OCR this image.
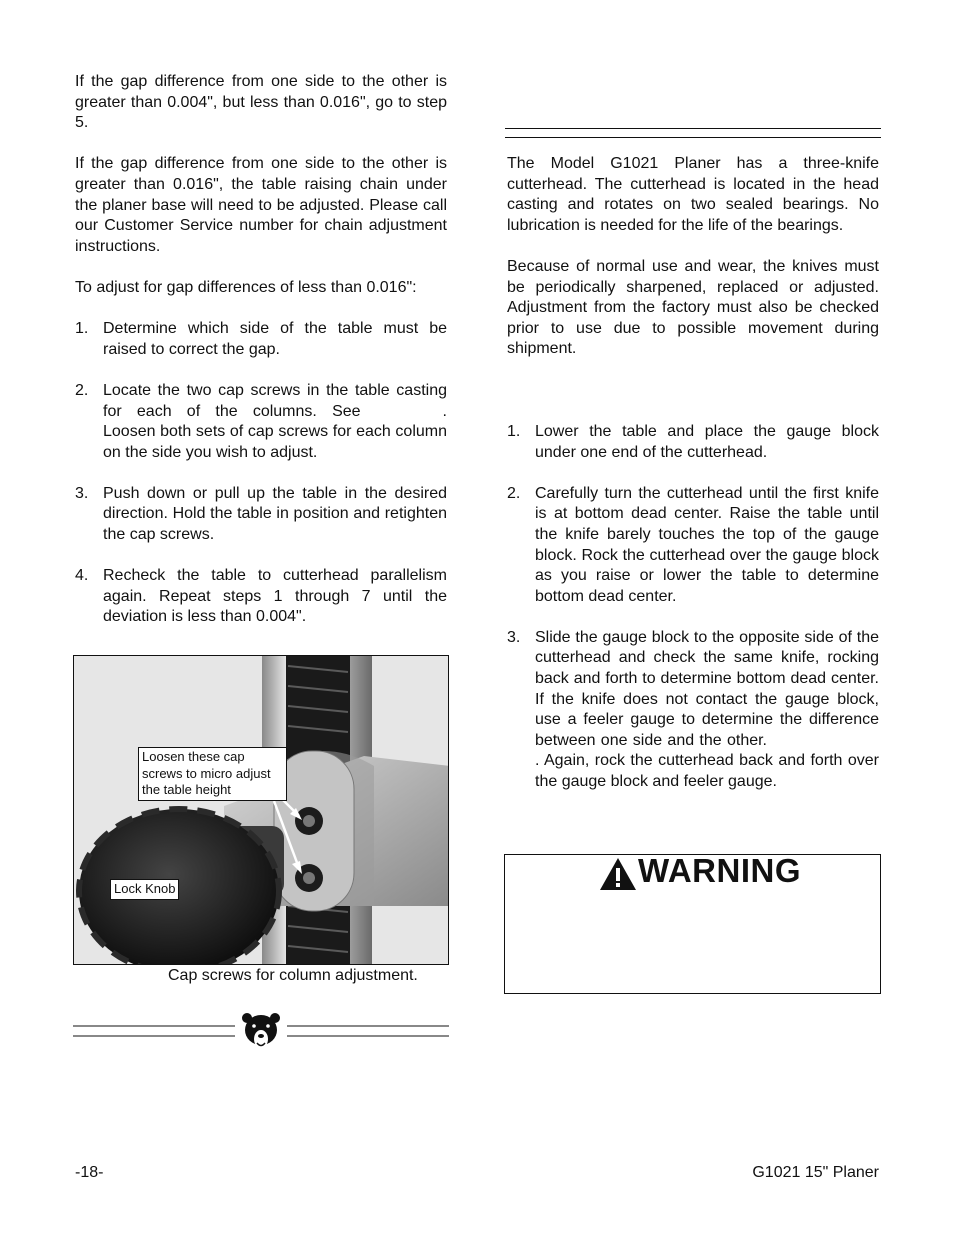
If the gap difference from one side to the other is greater than 0.004", but less than 0.016", go to step 5.

If the gap difference from one side to the other is greater than 0.016", the table raising chain under the planer base will need to be adjusted. Please call our Customer Service number for chain adjustment instructions.

To adjust for gap differences of less than 0.016":

1. Determine which side of the table must be raised to correct the gap.
2. Locate the two cap screws in the table casting for each of the columns. See	. Loosen both sets of cap screws for each column on the side you wish to adjust.
3. Push down or pull up the table in the desired direction. Hold the table in position and retighten the cap screws.
4. Recheck the table to cutterhead parallelism again. Repeat steps 1 through 7 until the deviation is less than 0.004".
Loosen these cap
screws to micro adjust
the table height
Lock Knob
Cap screws for column adjustment.

The Model G1021 Planer has a three-knife cutterhead. The cutterhead is located in the head casting and rotates on two sealed bearings. No lubrication is needed for the life of the bearings.

Because of normal use and wear, the knives must be periodically sharpened, replaced or adjusted. Adjustment from the factory must also be checked prior to use due to possible movement during shipment.

1. Lower the table and place the gauge block under one end of the cutterhead.
2. Carefully turn the cutterhead until the first knife is at bottom dead center. Raise the table until the knife barely touches the top of the gauge block. Rock the cutterhead over the gauge block as you raise or lower the table to determine bottom dead center.
3. Slide the gauge block to the opposite side of the cutterhead and check the same knife, rocking back and forth to determine bottom dead center. If the knife does not contact the gauge block, use a feeler gauge to determine the difference between one side and the other.. Again, rock the cutterhead back and forth over the gauge block and feeler gauge.
WARNING
-18-	G1021 15" Planer
